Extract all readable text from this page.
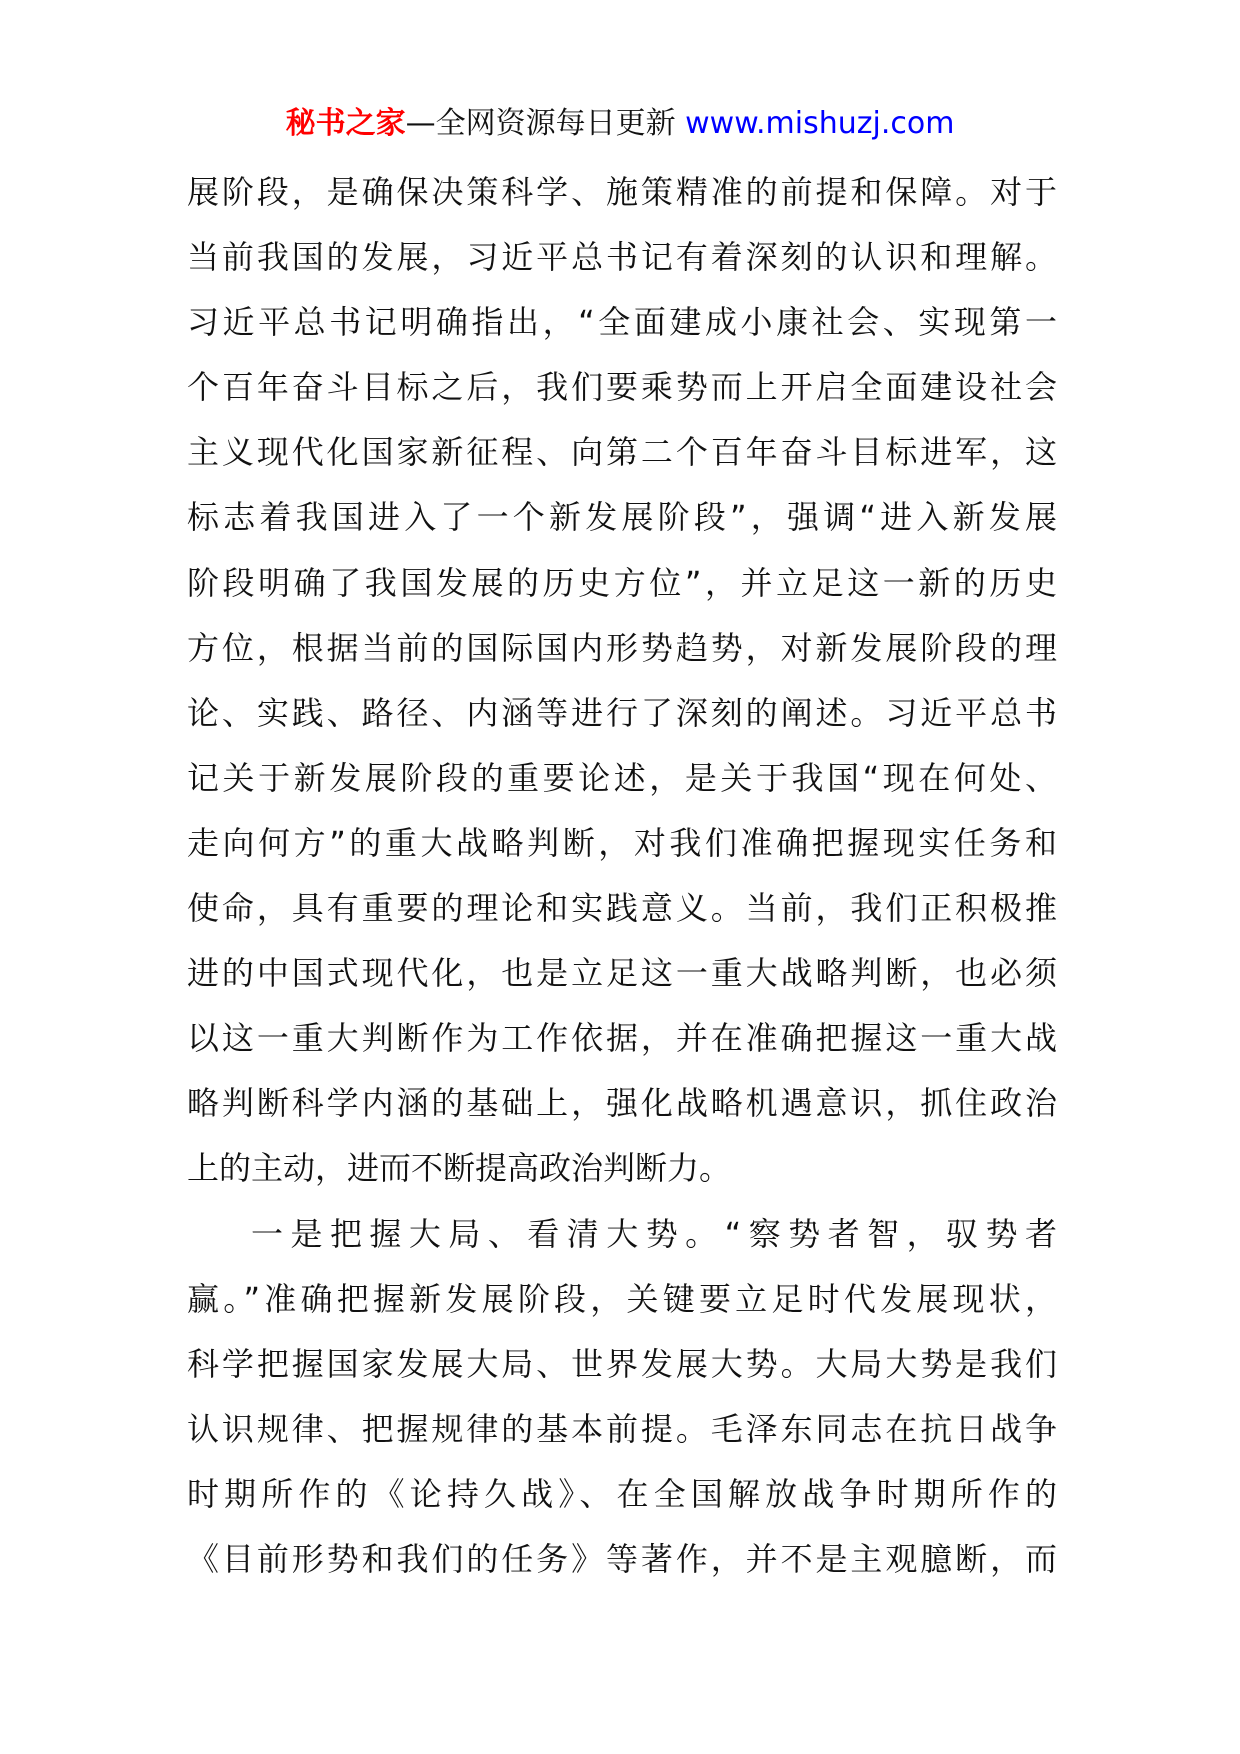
秘书之家—全网资源每日更新 www.mishuzj.com
展阶段，是确保决策科学、施策精准的前提和保障。对于
当前我国的发展，习近平总书记有着深刻的认识和理解。
习近平总书记明确指出，“全面建成小康社会、实现第一
个百年奋斗目标之后，我们要乘势而上开启全面建设社会
主义现代化国家新征程、向第二个百年奋斗目标进军，这
标志着我国进入了一个新发展阶段”，强调“进入新发展
阶段明确了我国发展的历史方位”，并立足这一新的历史
方位，根据当前的国际国内形势趋势，对新发展阶段的理
论、实践、路径、内涵等进行了深刻的阐述。习近平总书
记关于新发展阶段的重要论述，是关于我国“现在何处、
走向何方”的重大战略判断，对我们准确把握现实任务和
使命，具有重要的理论和实践意义。当前，我们正积极推
进的中国式现代化，也是立足这一重大战略判断，也必须
以这一重大判断作为工作依据，并在准确把握这一重大战
略判断科学内涵的基础上，强化战略机遇意识，抓住政治
上的主动，进而不断提高政治判断力。
一是把握大局、看清大势。“察势者智，驭势者
赢。”准确把握新发展阶段，关键要立足时代发展现状，
科学把握国家发展大局、世界发展大势。大局大势是我们
认识规律、把握规律的基本前提。毛泽东同志在抗日战争
时期所作的《论持久战》、在全国解放战争时期所作的
《目前形势和我们的任务》等著作，并不是主观臆断，而
